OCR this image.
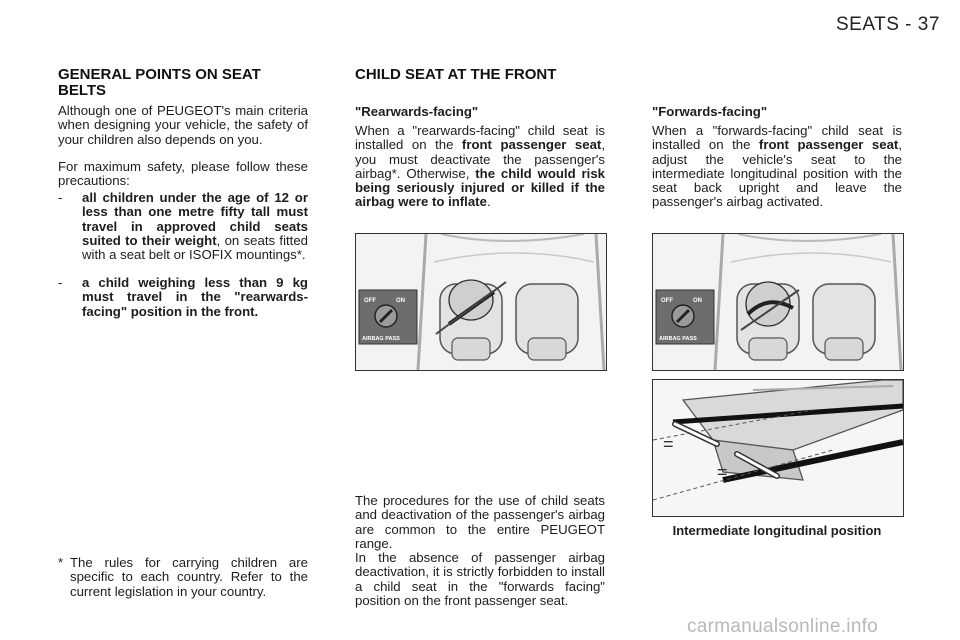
SEATS - 37
GENERAL POINTS ON SEAT
BELTS
Although one of PEUGEOT's main criteria when designing your vehicle, the safety of your children also depends on you.
For maximum safety, please follow these precautions:
- all children under the age of 12 or less than one metre fifty tall must travel in approved child seats suited to their weight, on seats fitted with a seat belt or ISOFIX mountings*.
- a child weighing less than 9 kg must travel in the "rearwards-facing" position in the front.
* The rules for carrying children are specific to each country. Refer to the current legislation in your country.
CHILD SEAT AT THE FRONT
"Rearwards-facing"
When a "rearwards-facing" child seat is installed on the front passenger seat, you must deactivate the passenger's airbag*. Otherwise, the child would risk being seriously injured or killed if the airbag were to inflate.
OFF	ON
AIRBAG PASS
The procedures for the use of child seats and deactivation of the passenger's airbag are common to the entire PEUGEOT range.
In the absence of passenger airbag deactivation, it is strictly forbidden to install a child seat in the "forwards facing" position on the front passenger seat.
"Forwards-facing"
When a "forwards-facing" child seat is installed on the front passenger seat, adjust the vehicle's seat to the intermediate longitudinal position with the seat back upright and leave the passenger's airbag activated.
OFF	ON
AIRBAG PASS
=
=
Intermediate longitudinal position
carmanualsonline.info
